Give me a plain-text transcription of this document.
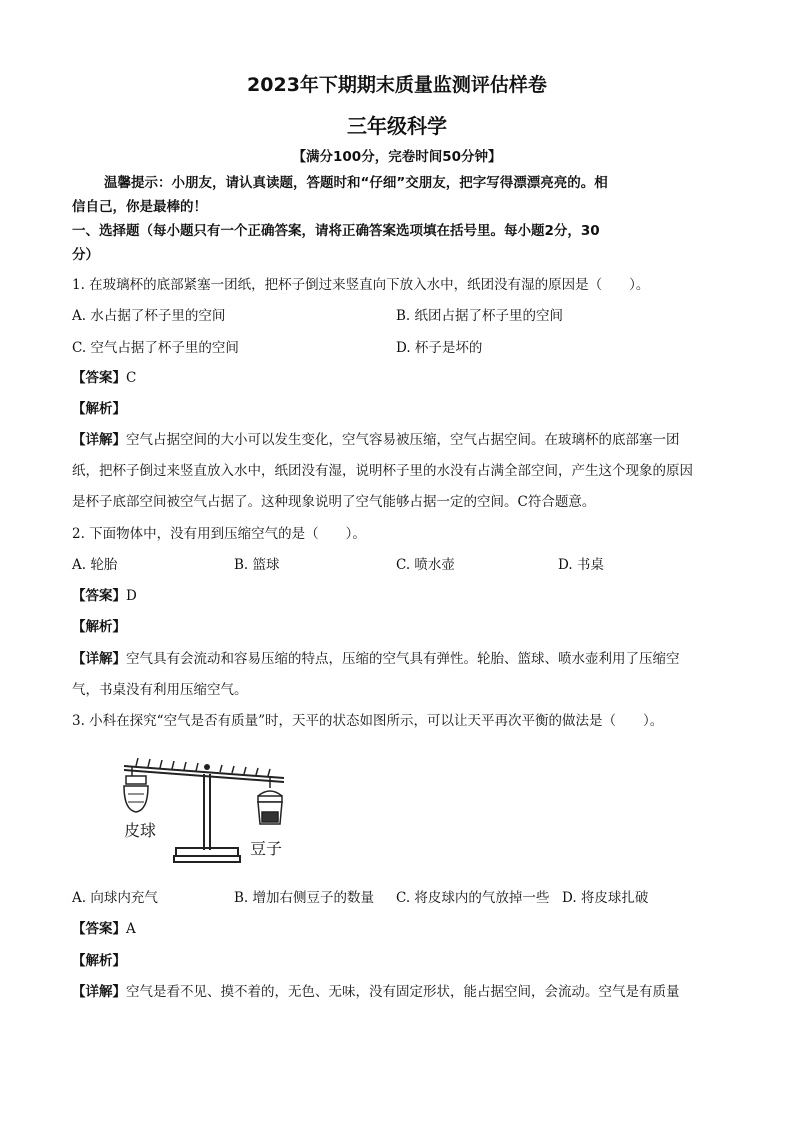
2023年下期期末质量监测评估样卷
三年级科学
【满分100分，完卷时间50分钟】
温馨提示：小朋友，请认真读题，答题时和“仔细”交朋友，把字写得漂漂亮亮的。相
信自己，你是最棒的！
一、选择题（每小题只有一个正确答案，请将正确答案选项填在括号里。每小题2分，30
分）
1. 在玻璃杯的底部紧塞一团纸，把杯子倒过来竖直向下放入水中，纸团没有湿的原因是（　　）。
A. 水占据了杯子里的空间	B. 纸团占据了杯子里的空间
C. 空气占据了杯子里的空间	D. 杯子是坏的
【答案】C
【解析】
【详解】空气占据空间的大小可以发生变化，空气容易被压缩，空气占据空间。在玻璃杯的底部塞一团
纸，把杯子倒过来竖直放入水中，纸团没有湿，说明杯子里的水没有占满全部空间，产生这个现象的原因
是杯子底部空间被空气占据了。这种现象说明了空气能够占据一定的空间。C符合题意。
2. 下面物体中，没有用到压缩空气的是（　　）。
A. 轮胎	B. 篮球	C. 喷水壶	D. 书桌
【答案】D
【解析】
【详解】空气具有会流动和容易压缩的特点，压缩的空气具有弹性。轮胎、篮球、喷水壶利用了压缩空
气，书桌没有利用压缩空气。
3. 小科在探究“空气是否有质量”时，天平的状态如图所示，可以让天平再次平衡的做法是（　　）。
皮球
豆子
A. 向球内充气	B. 增加右侧豆子的数量 C. 将皮球内的气放掉一些 D. 将皮球扎破
【答案】A
【解析】
【详解】空气是看不见、摸不着的，无色、无味，没有固定形状，能占据空间，会流动。空气是有质量
